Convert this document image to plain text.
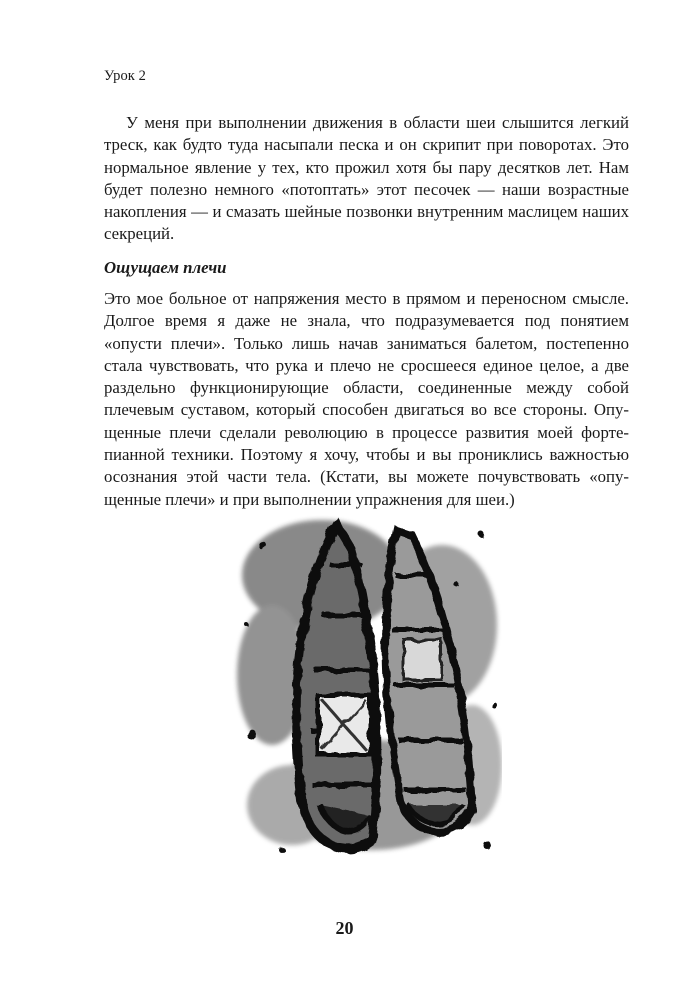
Урок 2

У меня при выполнении движения в области шеи слышится легкий треск, как будто туда насыпали песка и он скрипит при поворотах. Это нормальное явление у тех, кто прожил хотя бы пару десятков лет. Нам будет полезно немного «потоптать» этот песочек — наши возрастные накопления — и смазать шейные позвонки внутренним маслицем наших секреций.

Ощущаем плечи

Это мое больное от напряжения место в прямом и переносном смысле. Долгое время я даже не знала, что подразумевается под понятием «опусти плечи». Только лишь начав заниматься балетом, постепенно стала чувствовать, что рука и плечо не сросшееся единое целое, а две раздельно функционирующие области, соединенные между собой плечевым суставом, который способен двигаться во все стороны. Опущенные плечи сделали революцию в процессе развития моей фортепианной техники. Поэтому я хочу, чтобы и вы прониклись важностью осознания этой части тела. (Кстати, вы можете почувствовать «опущенные плечи» и при выполнении упражнения для шеи.)

20
